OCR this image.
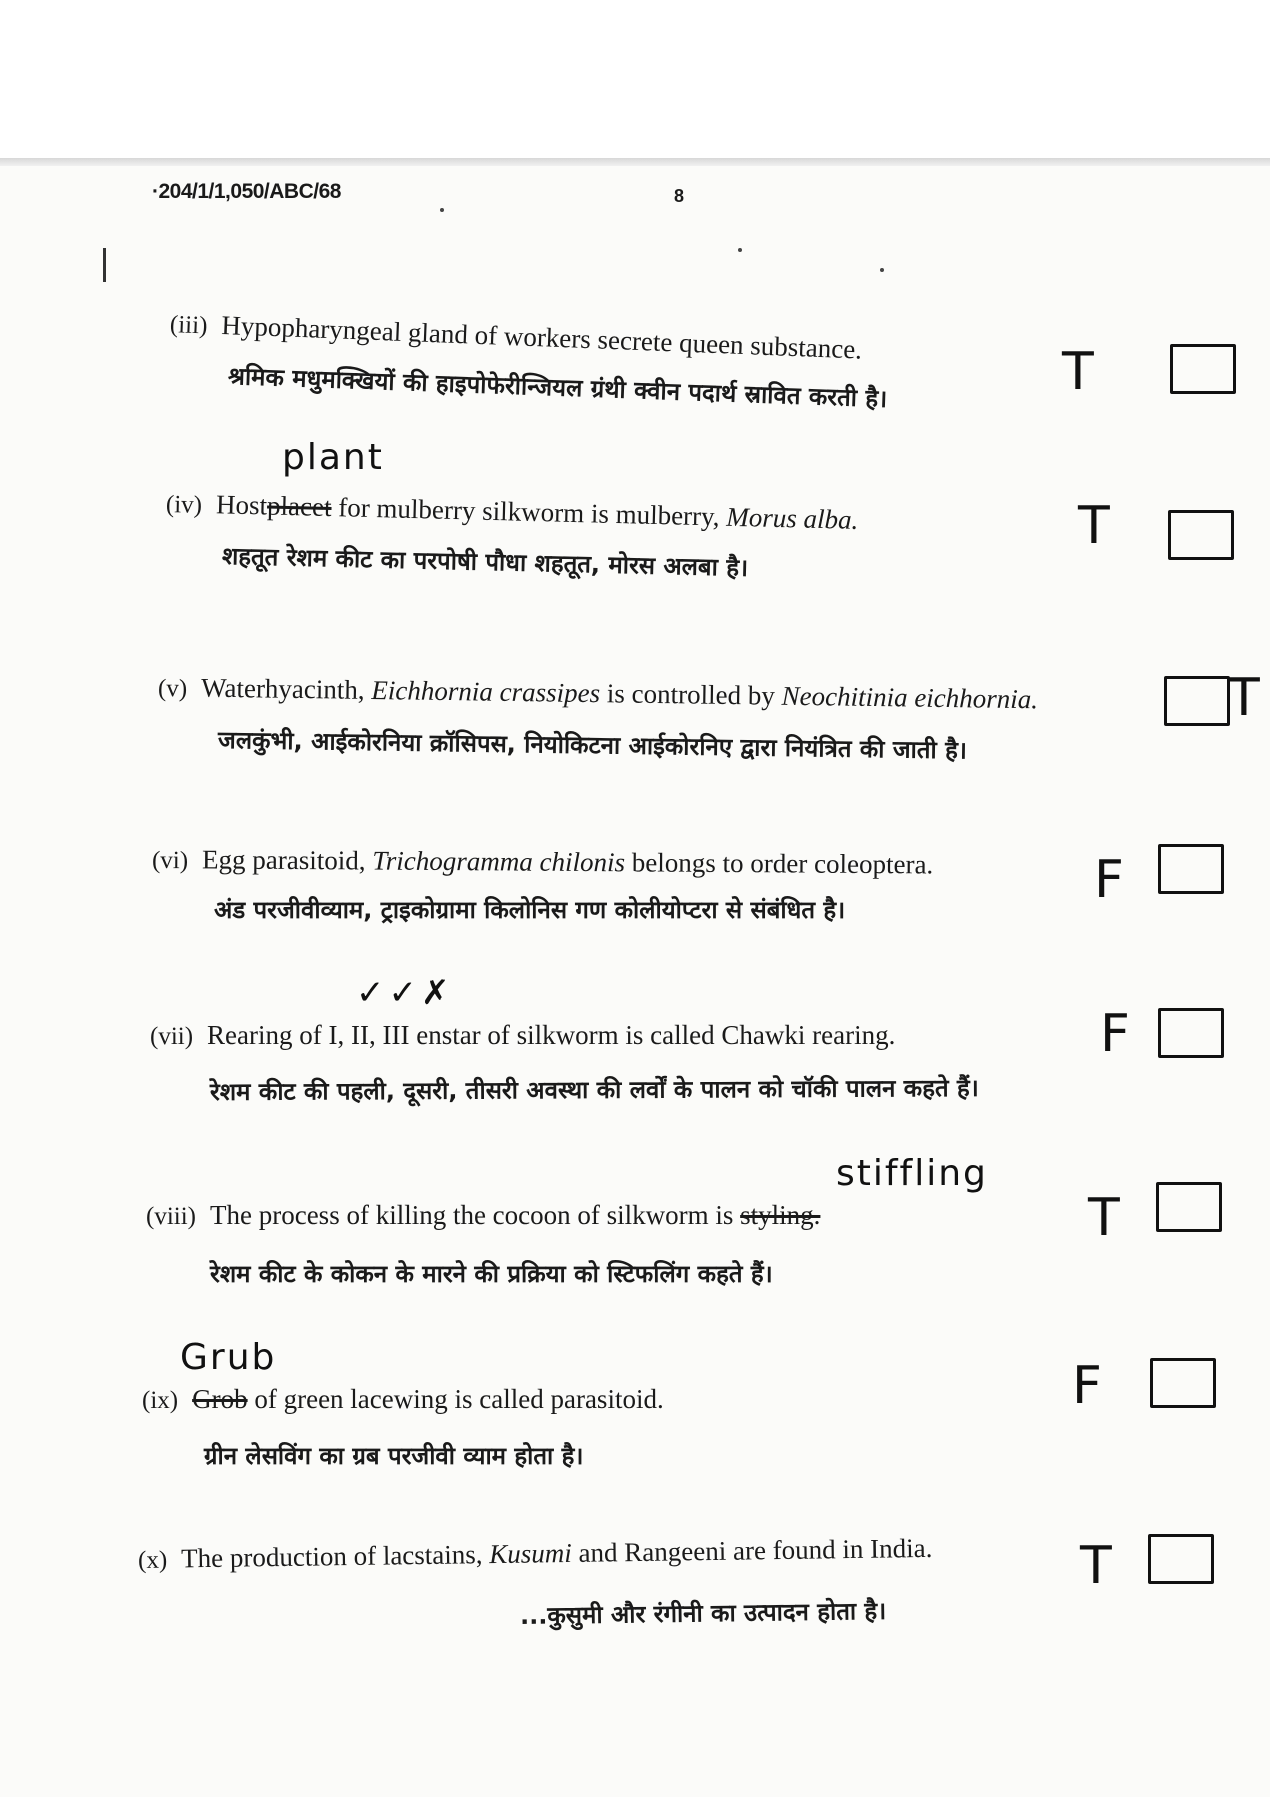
·204/1/1,050/ABC/68	8
(iii) Hypopharyngeal gland of workers secrete queen substance.
श्रमिक मधुमक्खियों की हाइपोफेरीन्जियल ग्रंथी क्वीन पदार्थ स्रावित करती है।	T
plant
(iv) Hostplacet for mulberry silkworm is mulberry, Morus alba.
शहतूत रेशम कीट का परपोषी पौधा शहतूत, मोरस अलबा है।
T
(v) Waterhyacinth, Eichhornia crassipes is controlled by Neochitinia eichhornia.
जलकुंभी, आईकोरनिया क्रॉसिपस, नियोकिटना आईकोरनिए द्वारा नियंत्रित की जाती है।
T
(vi) Egg parasitoid, Trichogramma chilonis belongs to order coleoptera.
अंड परजीवीव्याम, ट्राइकोग्रामा किलोनिस गण कोलीयोप्टरा से संबंधित है।	F
✓✓✗
(vii) Rearing of I, II, III enstar of silkworm is called Chawki rearing.
रेशम कीट की पहली, दूसरी, तीसरी अवस्था की लर्वों के पालन को चॉकी पालन कहते हैं।
F
stiffling
(viii) The process of killing the cocoon of silkworm is styling.
रेशम कीट के कोकन के मारने की प्रक्रिया को स्टिफलिंग कहते हैं।
T
Grub
(ix) Grob of green lacewing is called parasitoid.
ग्रीन लेसविंग का ग्रब परजीवी व्याम होता है।
F
(x) The production of lacstains, Kusumi and Rangeeni are found in India.
...कुसुमी और रंगीनी का उत्पादन होता है।
T
